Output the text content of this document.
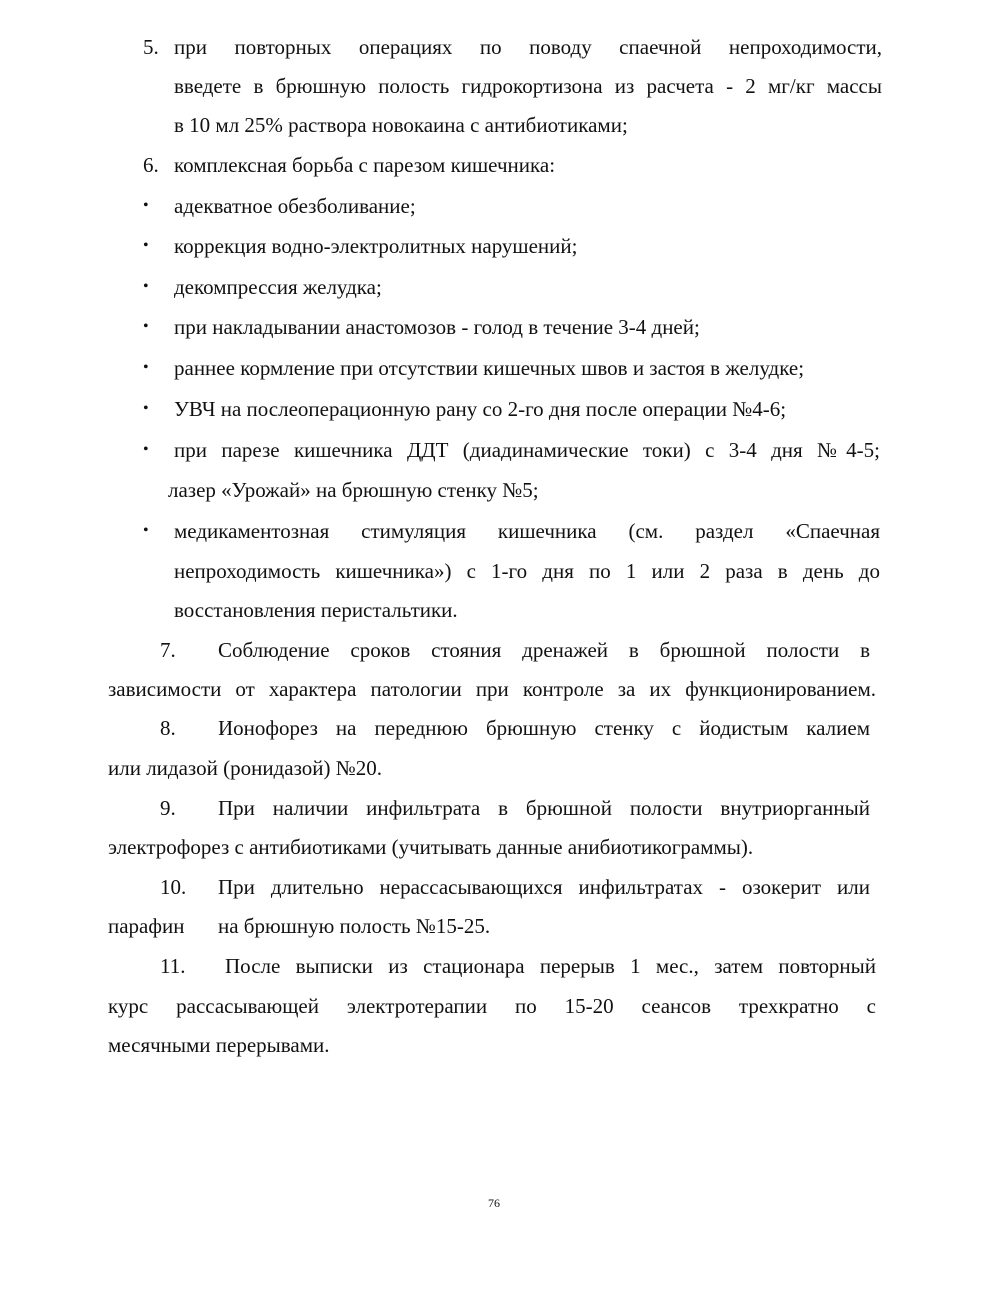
5. при повторных операциях по поводу спаечной непроходимости,
введете в брюшную полость гидрокортизона из расчета - 2 мг/кг массы
в 10 мл 25% раствора новокаина с антибиотиками;
6. комплексная борьба с парезом кишечника:
• адекватное обезболивание;
• коррекция водно-электролитных нарушений;
• декомпрессия желудка;
• при накладывании анастомозов - голод в течение 3-4 дней;
• раннее кормление при отсутствии кишечных швов и застоя в желудке;
• УВЧ на послеоперационную рану со 2-го дня после операции №4-6;
• при парезе кишечника ДДТ (диадинамические токи) с 3-4 дня №4-5;
лазер «Урожай» на брюшную стенку №5;
• медикаментозная стимуляция кишечника (см. раздел «Спаечная
непроходимость кишечника») с 1-го дня по 1 или 2 раза в день до
восстановления перистальтики.
7. Соблюдение сроков стояния дренажей в брюшной полости в
зависимости от характера патологии при контроле за их функционированием.
8. Ионофорез на переднюю брюшную стенку с йодистым калием
или лидазой (ронидазой) №20.
9. При наличии инфильтрата в брюшной полости внутриорганный
электрофорез с антибиотиками (учитывать данные анибиотикограммы).
10. При длительно нерассасывающихся инфильтратах - озокерит или
парафин на брюшную полость №15-25.
11. После выписки из стационара перерыв 1 мес., затем повторный
курс рассасывающей электротерапии по 15-20 сеансов трехкратно с
месячными перерывами.
76
